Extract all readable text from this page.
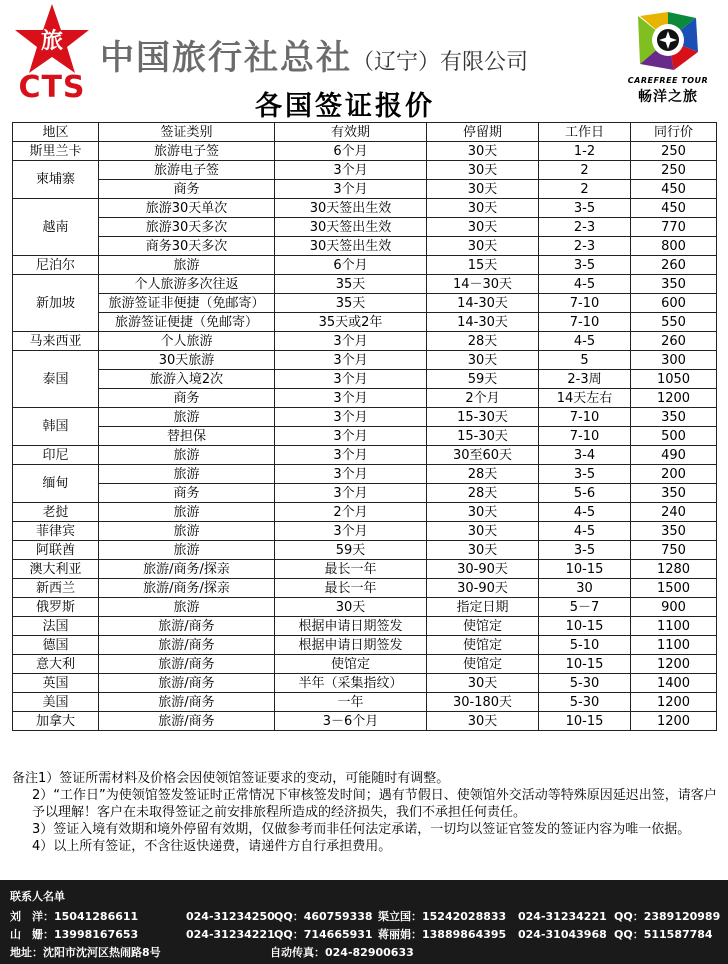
旅
CTS
中国旅行社总社（辽宁）有限公司
各国签证报价
CAREFREE TOUR
畅洋之旅
地区	签证类别	有效期	停留期	工作日	同行价
斯里兰卡	旅游电子签	6个月	30天	1-2	250
柬埔寨	旅游电子签	3个月	30天	2	250
	商务	3个月	30天	2	450
越南	旅游30天单次	30天签出生效	30天	3-5	450
	旅游30天多次	30天签出生效	30天	2-3	770
	商务30天多次	30天签出生效	30天	2-3	800
尼泊尔	旅游	6个月	15天	3-5	260
新加坡	个人旅游多次往返	35天	14－30天	4-5	350
	旅游签证非便捷（免邮寄）	35天	14-30天	7-10	600
	旅游签证便捷（免邮寄）	35天或2年	14-30天	7-10	550
马来西亚	个人旅游	3个月	28天	4-5	260
泰国	30天旅游	3个月	30天	5	300
	旅游入境2次	3个月	59天	2-3周	1050
	商务	3个月	2个月	14天左右	1200
韩国	旅游	3个月	15-30天	7-10	350
	替担保	3个月	15-30天	7-10	500
印尼	旅游	3个月	30至60天	3-4	490
缅甸	旅游	3个月	28天	3-5	200
	商务	3个月	28天	5-6	350
老挝	旅游	2个月	30天	4-5	240
菲律宾	旅游	3个月	30天	4-5	350
阿联酋	旅游	59天	30天	3-5	750
澳大利亚	旅游/商务/探亲	最长一年	30-90天	10-15	1280
新西兰	旅游/商务/探亲	最长一年	30-90天	30	1500
俄罗斯	旅游	30天	指定日期	5－7	900
法国	旅游/商务	根据申请日期签发	使馆定	10-15	1100
德国	旅游/商务	根据申请日期签发	使馆定	5-10	1100
意大利	旅游/商务	使馆定	使馆定	10-15	1200
英国	旅游/商务	半年（采集指纹）	30天	5-30	1400
美国	旅游/商务	一年	30-180天	5-30	1200
加拿大	旅游/商务	3－6个月	30天	10-15	1200

备注1）签证所需材料及价格会因使领馆签证要求的变动，可能随时有调整。

2）“工作日”为使领馆签发签证时正常情况下审核签发时间；遇有节假日、使领馆外交活动等特殊原因延迟出签，请客户予以理解！客户在未取得签证之前安排旅程所造成的经济损失，我们不承担任何责任。

3）签证入境有效期和境外停留有效期，仅做参考而非任何法定承诺，一切均以签证官签发的签证内容为唯一依据。

4）以上所有签证，不含往返快递费，请递件方自行承担费用。

联系人名单
刘　洋：15041286611	024-31234250QQ：460759338 渠立国：15242028833 024-31234221 QQ：2389120989
山　姗：13998167653	024-31234221QQ：714665931 蒋丽娟：13889864395 024-31043968 QQ：511587784
地址：沈阳市沈河区热闹路8号	自动传真：024-82900633
